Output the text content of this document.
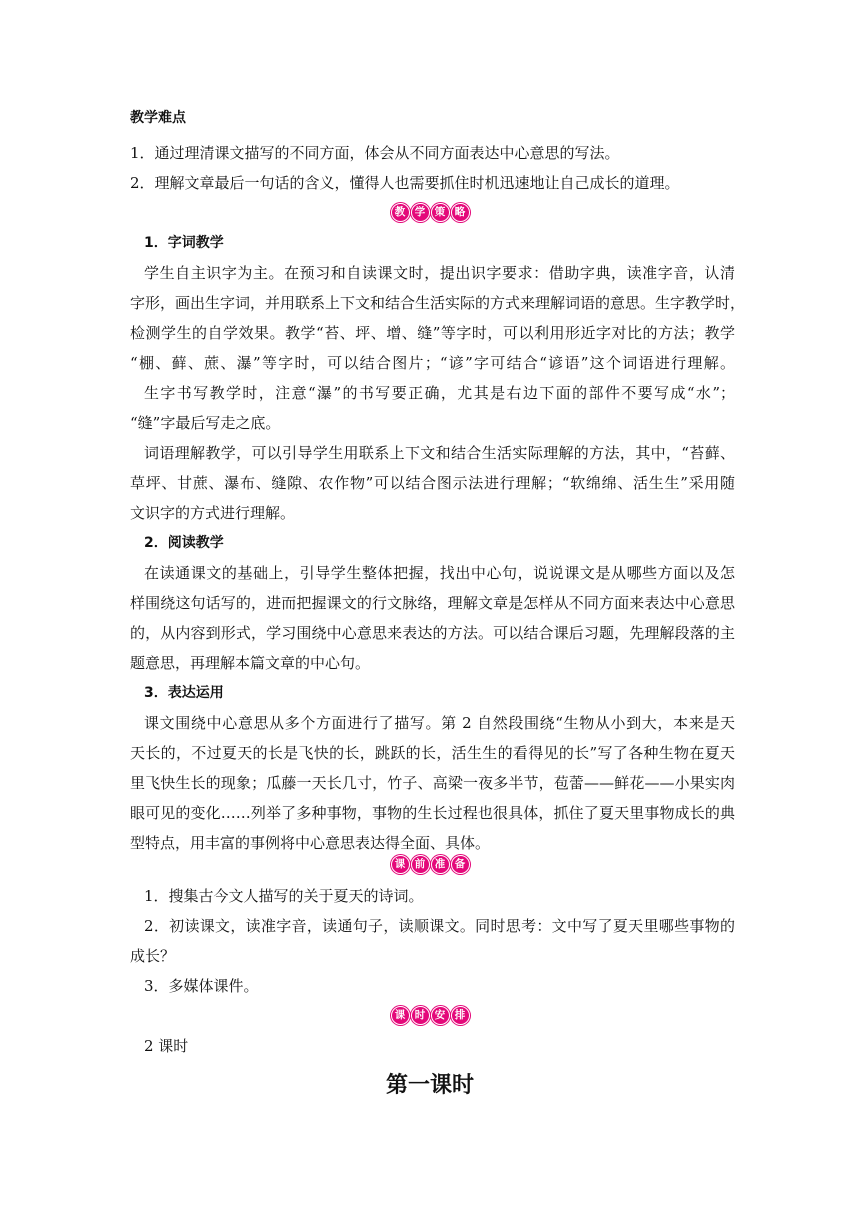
教学难点
1．通过理清课文描写的不同方面，体会从不同方面表达中心意思的写法。
2．理解文章最后一句话的含义，懂得人也需要抓住时机迅速地让自己成长的道理。
教 学 策 略
1．字词教学
学生自主识字为主。在预习和自读课文时，提出识字要求：借助字典，读准字音，认清
字形，画出生字词，并用联系上下文和结合生活实际的方式来理解词语的意思。生字教学时，
检测学生的自学效果。教学“苔、坪、增、缝”等字时，可以利用形近字对比的方法；教学
“棚、藓、蔗、瀑”等字时，可以结合图片；“谚”字可结合“谚语”这个词语进行理解。
生字书写教学时，注意“瀑”的书写要正确，尤其是右边下面的部件不要写成“水”；
“缝”字最后写走之底。
词语理解教学，可以引导学生用联系上下文和结合生活实际理解的方法，其中，“苔藓、
草坪、甘蔗、瀑布、缝隙、农作物”可以结合图示法进行理解；“软绵绵、活生生”采用随
文识字的方式进行理解。
2．阅读教学
在读通课文的基础上，引导学生整体把握，找出中心句，说说课文是从哪些方面以及怎
样围绕这句话写的，进而把握课文的行文脉络，理解文章是怎样从不同方面来表达中心意思
的，从内容到形式，学习围绕中心意思来表达的方法。可以结合课后习题，先理解段落的主
题意思，再理解本篇文章的中心句。
3．表达运用
课文围绕中心意思从多个方面进行了描写。第 2 自然段围绕“生物从小到大，本来是天
天长的，不过夏天的长是飞快的长，跳跃的长，活生生的看得见的长”写了各种生物在夏天
里飞快生长的现象；瓜藤一天长几寸，竹子、高梁一夜多半节，苞蕾——鲜花——小果实肉
眼可见的变化……列举了多种事物，事物的生长过程也很具体，抓住了夏天里事物成长的典
型特点，用丰富的事例将中心意思表达得全面、具体。
课 前 准 备
1．搜集古今文人描写的关于夏天的诗词。
2．初读课文，读准字音，读通句子，读顺课文。同时思考：文中写了夏天里哪些事物的
成长？
3．多媒体课件。
课 时 安 排
2 课时
第一课时
